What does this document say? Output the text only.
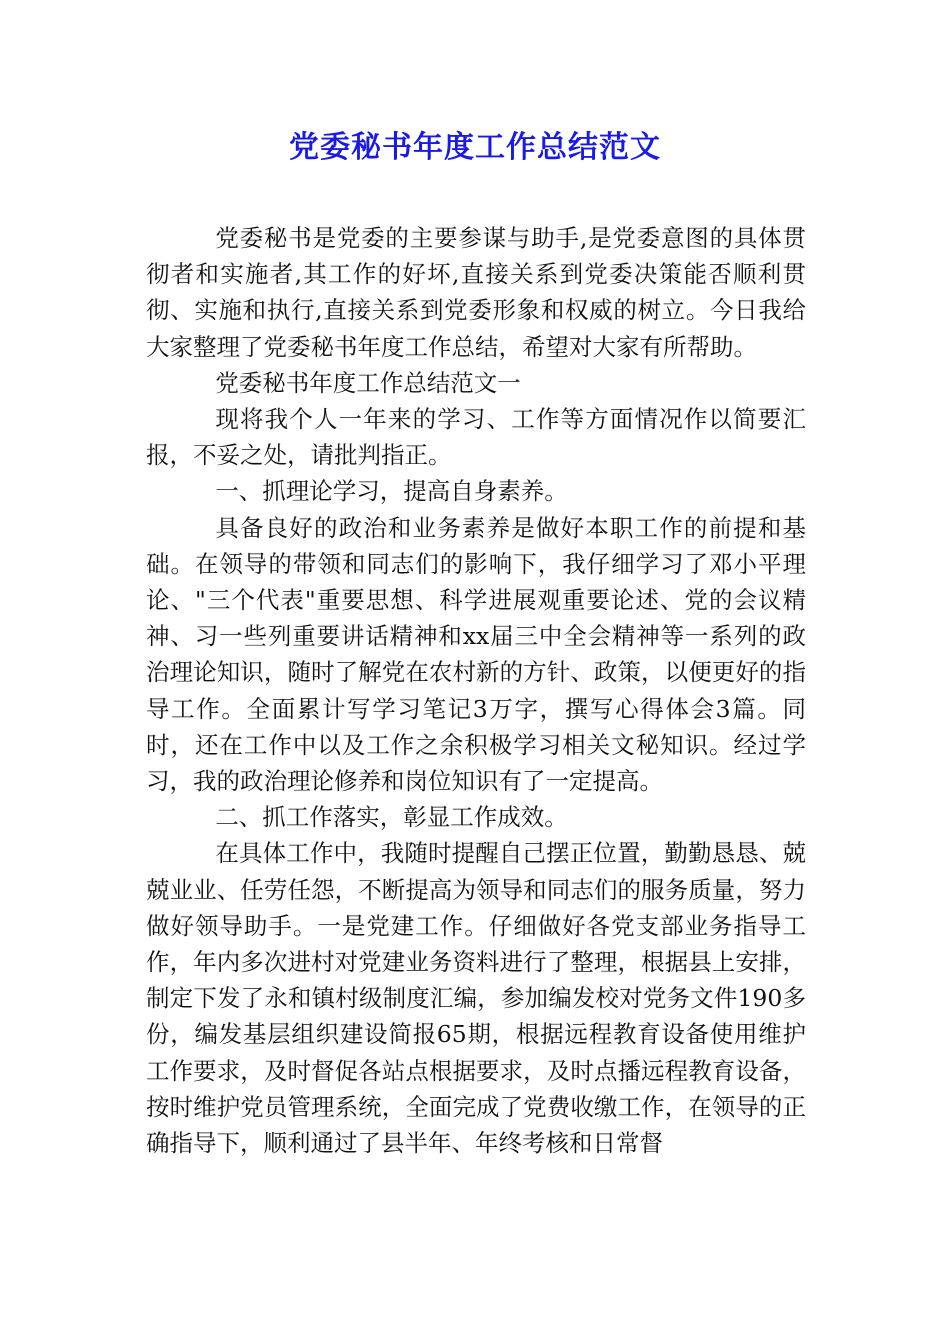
党委秘书年度工作总结范文

党委秘书是党委的主要参谋与助手,是党委意图的具体贯彻者和实施者,其工作的好坏,直接关系到党委决策能否顺利贯彻、实施和执行,直接关系到党委形象和权威的树立。今日我给大家整理了党委秘书年度工作总结，希望对大家有所帮助。

党委秘书年度工作总结范文一

现将我个人一年来的学习、工作等方面情况作以简要汇报，不妥之处，请批判指正。

一、抓理论学习，提高自身素养。

具备良好的政治和业务素养是做好本职工作的前提和基础。在领导的带领和同志们的影响下，我仔细学习了邓小平理论、"三个代表"重要思想、科学进展观重要论述、党的会议精神、习一些列重要讲话精神和xx届三中全会精神等一系列的政治理论知识，随时了解党在农村新的方针、政策，以便更好的指导工作。全面累计写学习笔记3万字，撰写心得体会3篇。同时，还在工作中以及工作之余积极学习相关文秘知识。经过学习，我的政治理论修养和岗位知识有了一定提高。

二、抓工作落实，彰显工作成效。

在具体工作中，我随时提醒自己摆正位置，勤勤恳恳、兢兢业业、任劳任怨，不断提高为领导和同志们的服务质量，努力做好领导助手。一是党建工作。仔细做好各党支部业务指导工作，年内多次进村对党建业务资料进行了整理，根据县上安排，制定下发了永和镇村级制度汇编，参加编发校对党务文件190多份，编发基层组织建设简报65期，根据远程教育设备使用维护工作要求，及时督促各站点根据要求，及时点播远程教育设备，按时维护党员管理系统，全面完成了党费收缴工作，在领导的正确指导下，顺利通过了县半年、年终考核和日常督
